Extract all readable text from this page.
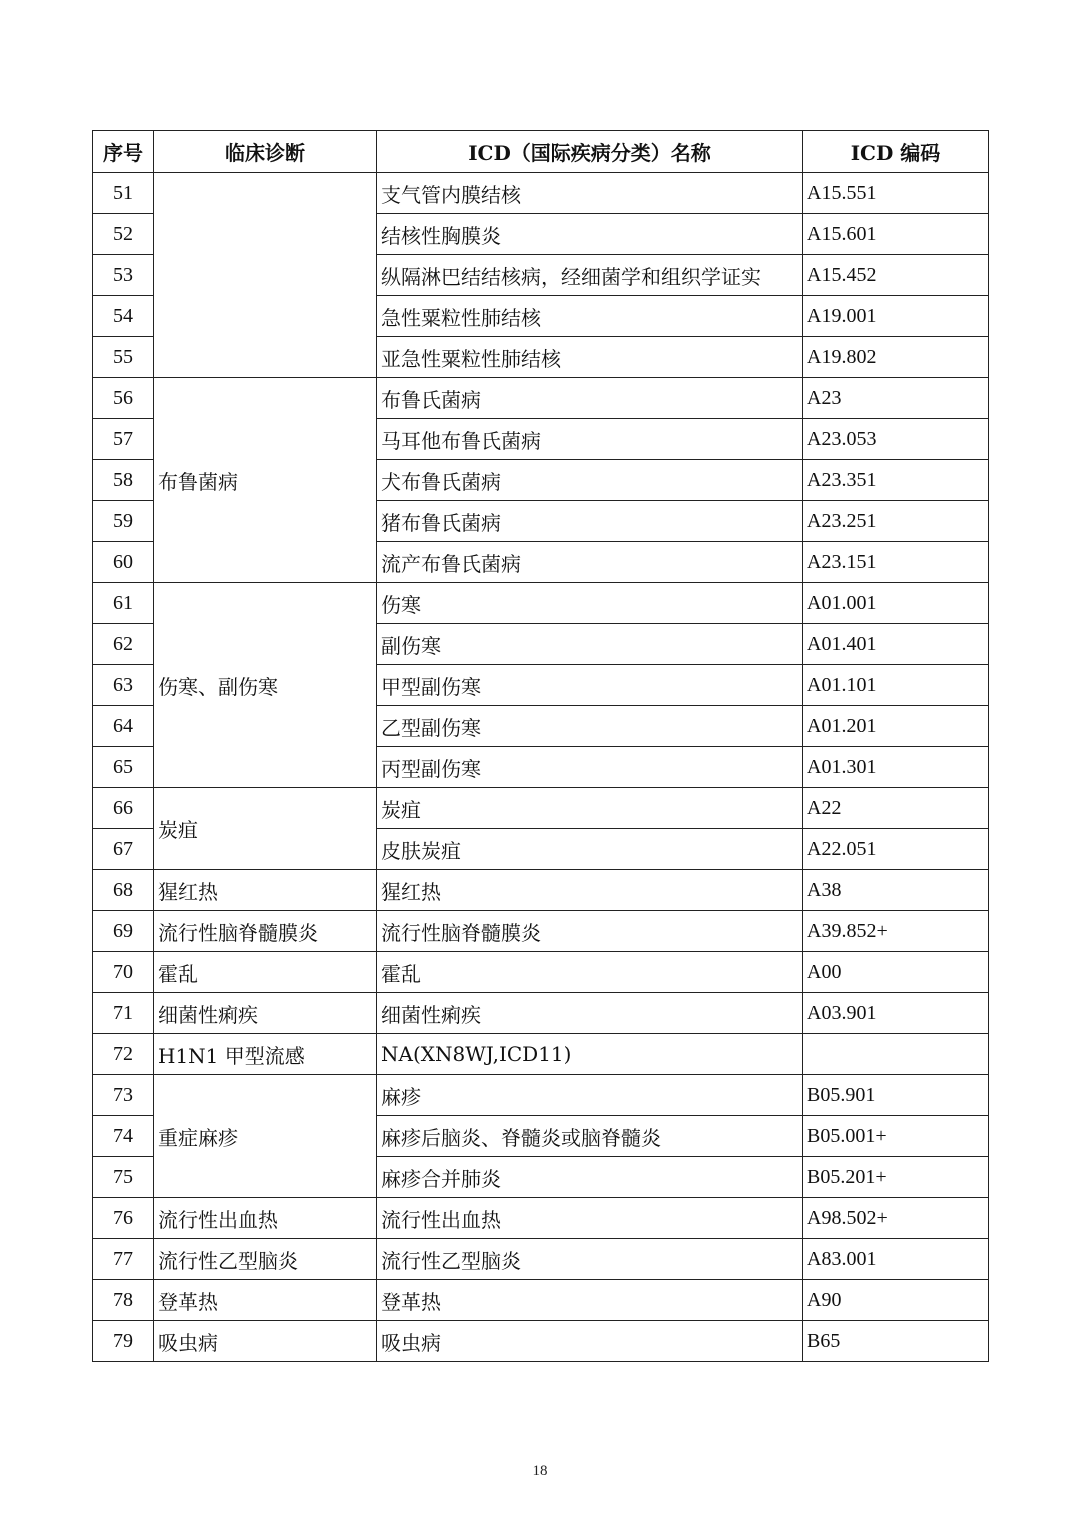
序号	临床诊断	ICD（国际疾病分类）名称	ICD 编码
51		支气管内膜结核	A15.551
52		结核性胸膜炎	A15.601
53		纵隔淋巴结结核病，经细菌学和组织学证实	A15.452
54		急性粟粒性肺结核	A19.001
55		亚急性粟粒性肺结核	A19.802
56	布鲁菌病	布鲁氏菌病	A23
57		马耳他布鲁氏菌病	A23.053
58		犬布鲁氏菌病	A23.351
59		猪布鲁氏菌病	A23.251
60		流产布鲁氏菌病	A23.151
61	伤寒、副伤寒	伤寒	A01.001
62		副伤寒	A01.401
63		甲型副伤寒	A01.101
64		乙型副伤寒	A01.201
65		丙型副伤寒	A01.301
66	炭疽	炭疽	A22
67		皮肤炭疽	A22.051
68	猩红热	猩红热	A38
69	流行性脑脊髓膜炎	流行性脑脊髓膜炎	A39.852+
70	霍乱	霍乱	A00
71	细菌性痢疾	细菌性痢疾	A03.901
72	H1N1 甲型流感	NA(XN8WJ,ICD11)	
73	重症麻疹	麻疹	B05.901
74		麻疹后脑炎、脊髓炎或脑脊髓炎	B05.001+
75		麻疹合并肺炎	B05.201+
76	流行性出血热	流行性出血热	A98.502+
77	流行性乙型脑炎	流行性乙型脑炎	A83.001
78	登革热	登革热	A90
79	吸虫病	吸虫病	B65
18
